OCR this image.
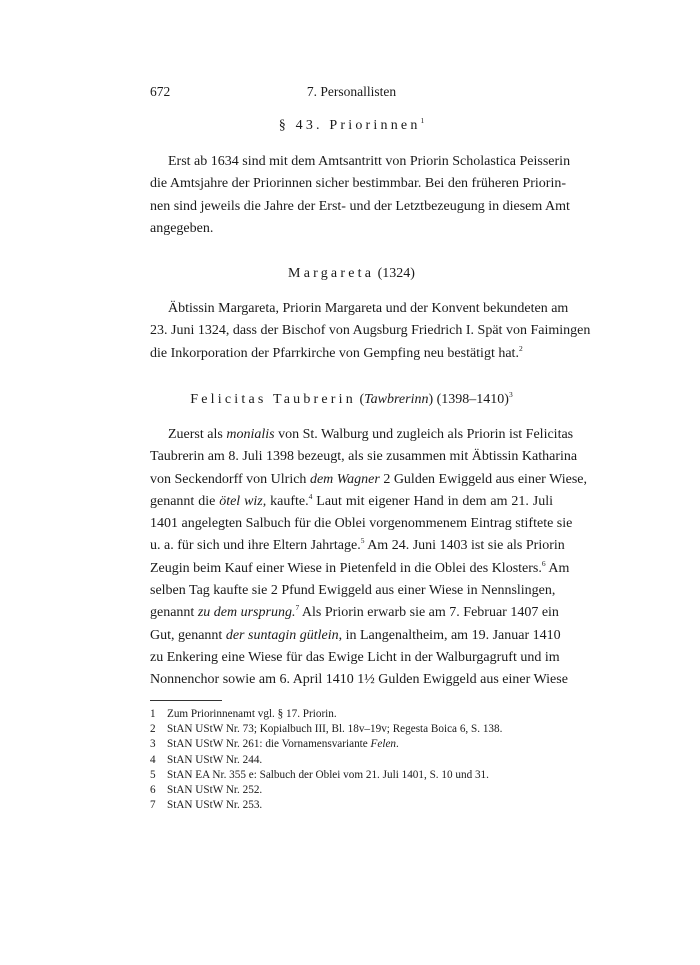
672	7. Personallisten
§ 43. Priorinnen$^1$
Erst ab 1634 sind mit dem Amtsantritt von Priorin Scholastica Peisserin
die Amtsjahre der Priorinnen sicher bestimmbar. Bei den früheren Priorin-
nen sind jeweils die Jahre der Erst- und der Letztbezeugung in diesem Amt
angegeben.
Margareta (1324)
Äbtissin Margareta, Priorin Margareta und der Konvent bekundeten am
23. Juni 1324, dass der Bischof von Augsburg Friedrich I. Spät von Faimingen
die Inkorporation der Pfarrkirche von Gempfing neu bestätigt hat.$^2$
Felicitas Taubrerin (Tawbrerinn) (1398–1410)$^3$
Zuerst als monialis von St. Walburg und zugleich als Priorin ist Felicitas
Taubrerin am 8. Juli 1398 bezeugt, als sie zusammen mit Äbtissin Katharina
von Seckendorff von Ulrich dem Wagner 2 Gulden Ewiggeld aus einer Wiese,
genannt die ötel wiz, kaufte.$^4$ Laut mit eigener Hand in dem am 21. Juli
1401 angelegten Salbuch für die Oblei vorgenommenem Eintrag stiftete sie
u. a. für sich und ihre Eltern Jahrtage.$^5$ Am 24. Juni 1403 ist sie als Priorin
Zeugin beim Kauf einer Wiese in Pietenfeld in die Oblei des Klosters.$^6$ Am
selben Tag kaufte sie 2 Pfund Ewiggeld aus einer Wiese in Nennslingen,
genannt zu dem ursprung.$^7$ Als Priorin erwarb sie am 7. Februar 1407 ein
Gut, genannt der suntagin gütlein, in Langenaltheim, am 19. Januar 1410
zu Enkering eine Wiese für das Ewige Licht in der Walburgagruft und im
Nonnenchor sowie am 6. April 1410 1½ Gulden Ewiggeld aus einer Wiese
1 Zum Priorinnenamt vgl. § 17. Priorin.
2 StAN UStW Nr. 73; Kopialbuch III, Bl. 18v–19v; Regesta Boica 6, S. 138.
3 StAN UStW Nr. 261: die Vornamensvariante Felen.
4 StAN UStW Nr. 244.
5 StAN EA Nr. 355 e: Salbuch der Oblei vom 21. Juli 1401, S. 10 und 31.
6 StAN UStW Nr. 252.
7 StAN UStW Nr. 253.
